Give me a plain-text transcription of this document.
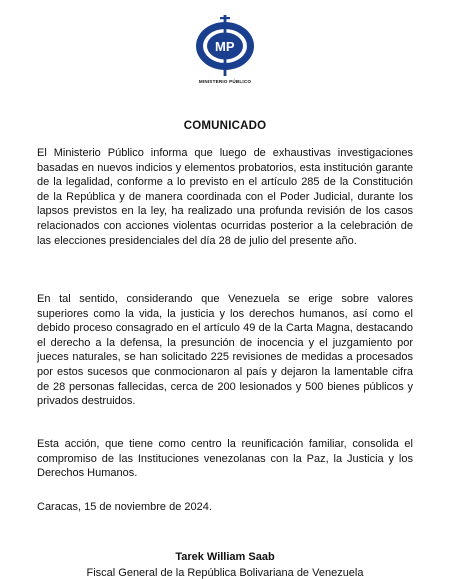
MP
MINISTERIO PÚBLICO
COMUNICADO

El Ministerio Público informa que luego de exhaustivas investigaciones basadas en nuevos indicios y elementos probatorios, esta institución garante de la legalidad, conforme a lo previsto en el artículo 285 de la Constitución de la República y de manera coordinada con el Poder Judicial, durante los lapsos previstos en la ley, ha realizado una profunda revisión de los casos relacionados con acciones violentas ocurridas posterior a la celebración de las elecciones presidenciales del día 28 de julio del presente año.

En tal sentido, considerando que Venezuela se erige sobre valores superiores como la vida, la justicia y los derechos humanos, así como el debido proceso consagrado en el artículo 49 de la Carta Magna, destacando el derecho a la defensa, la presunción de inocencia y el juzgamiento por jueces naturales, se han solicitado 225 revisiones de medidas a procesados por estos sucesos que conmocionaron al país y dejaron la lamentable cifra de 28 personas fallecidas, cerca de 200 lesionados y 500 bienes públicos y privados destruidos.

Esta acción, que tiene como centro la reunificación familiar, consolida el compromiso de las Instituciones venezolanas con la Paz, la Justicia y los Derechos Humanos.

Caracas, 15 de noviembre de 2024.
Tarek William Saab
Fiscal General de la República Bolivariana de Venezuela
